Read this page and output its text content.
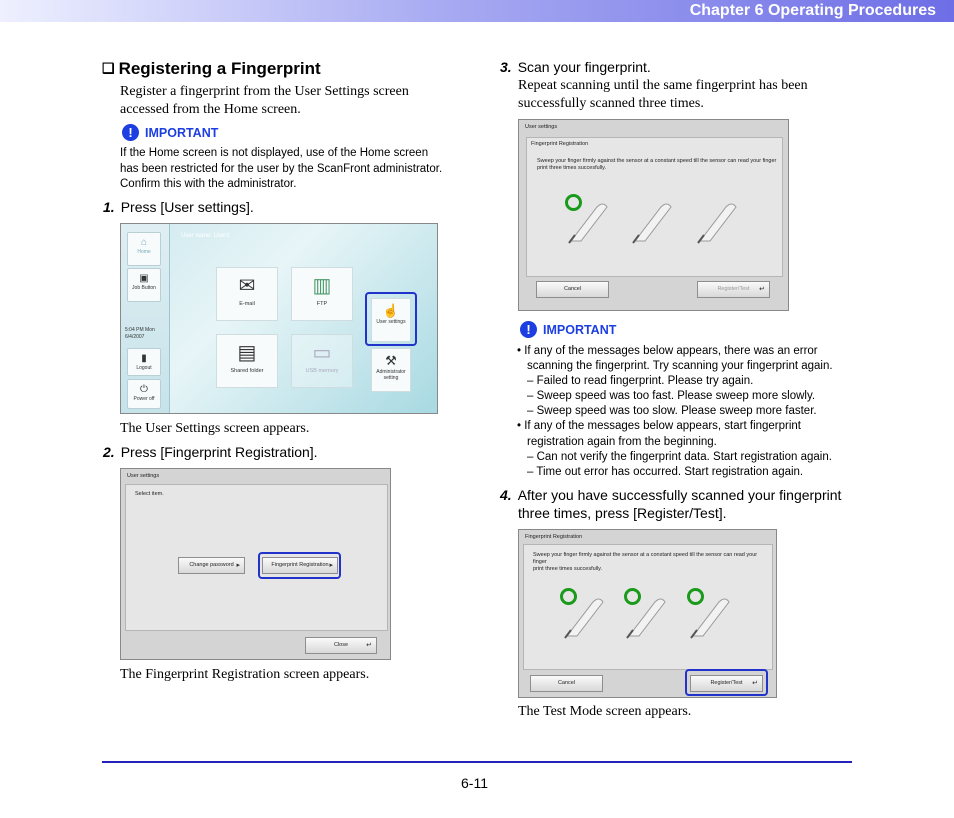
Chapter 6 Operating Procedures
❑ Registering a Fingerprint
Register a fingerprint from the User Settings screen
accessed from the Home screen.
! IMPORTANT
If the Home screen is not displayed, use of the Home screen
has been restricted for the user by the ScanFront administrator.
Confirm this with the administrator.
1. Press [User settings].
⌂
Home
▣
Job Button
5:04 PM Mon
6/4/2007
▮
Logout
⏻
Power off
User name: User1
✉
E-mail
▥
FTP
▤
Shared folder
▭
USB memory
☝
User settings
⚒
Administrator setting
The User Settings screen appears.
2. Press [Fingerprint Registration].
User settings
Select item.
Change password ▸	Fingerprint Registration ▸
Close	↵
The Fingerprint Registration screen appears.
3. Scan your fingerprint.
Repeat scanning until the same fingerprint has been
successfully scanned three times.
User settings
Fingerprint Registration
Sweep your finger firmly against the sensor at a constant speed till the sensor can read your finger
print three times succesfully.
Cancel	Register/Test ↵
! IMPORTANT
• If any of the messages below appears, there was an error
scanning the fingerprint. Try scanning your fingerprint again.
– Failed to read fingerprint. Please try again.
– Sweep speed was too fast. Please sweep more slowly.
– Sweep speed was too slow. Please sweep more faster.
• If any of the messages below appears, start fingerprint
registration again from the beginning.
– Can not verify the fingerprint data. Start registration again.
– Time out error has occurred. Start registration again.
4. After you have successfully scanned your fingerprint
three times, press [Register/Test].
Fingerprint Registration
Sweep your finger firmly against the sensor at a constant speed till the sensor can read your finger
print three times succesfully.
Cancel	Register/Test ↵
The Test Mode screen appears.
6-11
